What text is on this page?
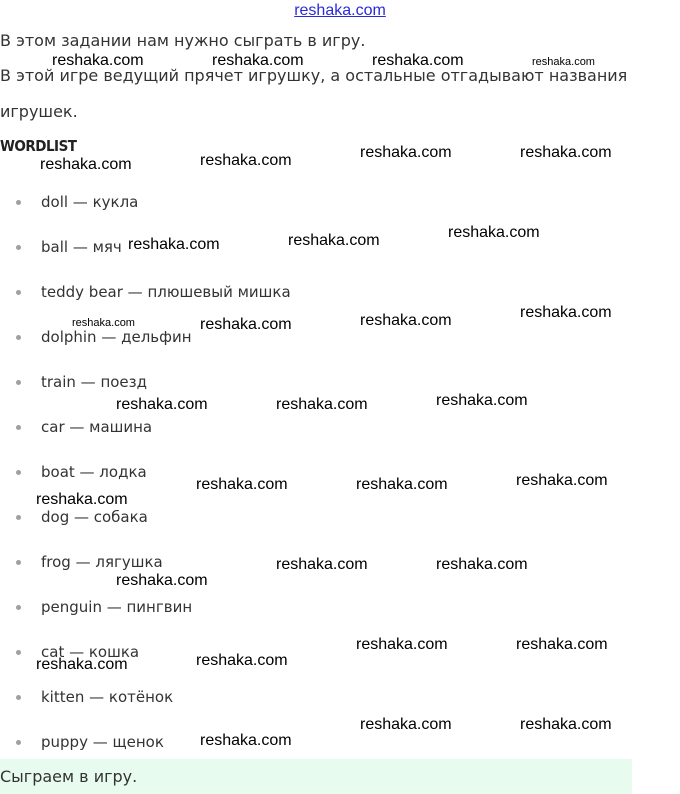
reshaka.com

В этом задании нам нужно сыграть в игру.

В этой игре ведущий прячет игрушку, а остальные отгадывают названия

игрушек.

WORDLIST
doll — кукла
ball — мяч
teddy bear — плюшевый мишка
dolphin — дельфин
train — поезд
car — машина
boat — лодка
dog — собака
frog — лягушка
penguin — пингвин
cat — кошка
kitten — котёнок
puppy — щенок
Сыграем в игру.
reshaka.com	reshaka.com	reshaka.com	reshaka.com
reshaka.com	reshaka.com	reshaka.com	reshaka.com
reshaka.com	reshaka.com	reshaka.com
reshaka.com	reshaka.com	reshaka.com	reshaka.com
reshaka.com	reshaka.com	reshaka.com
reshaka.com
reshaka.com	reshaka.com	reshaka.com
reshaka.com
reshaka.com	reshaka.com
reshaka.com	reshaka.com
reshaka.com	reshaka.com
reshaka.com
reshaka.com	reshaka.com
